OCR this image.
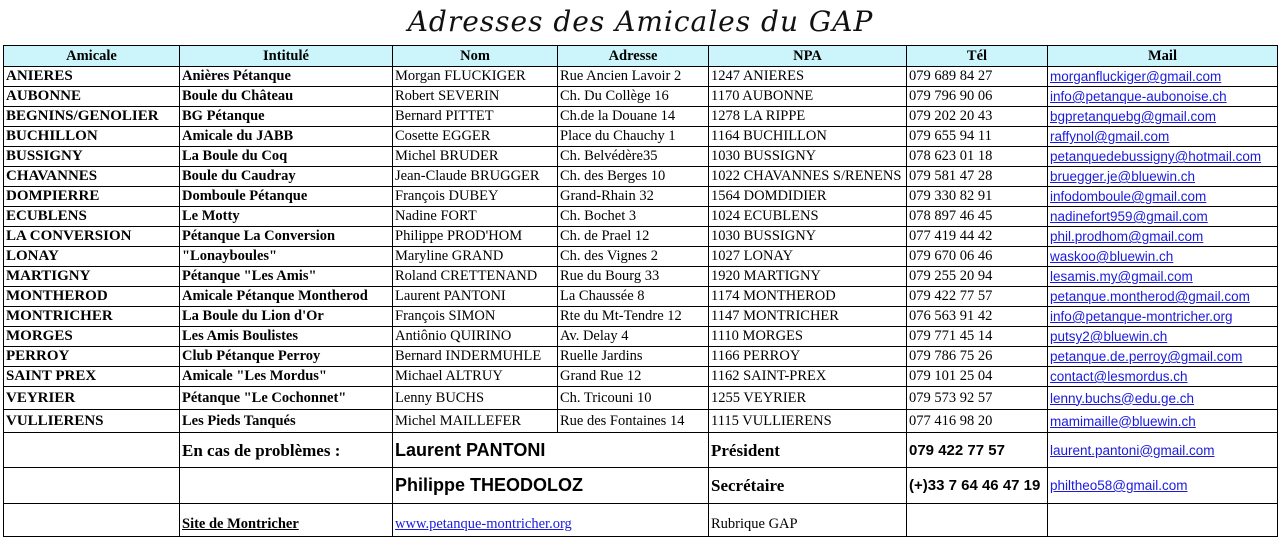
Adresses des Amicales du GAP
Amicale	Intitulé	Nom	Adresse	NPA	Tél	Mail
ANIERES	Anières Pétanque	Morgan FLUCKIGER	Rue Ancien Lavoir 2	1247 ANIERES	079 689 84 27	morganfluckiger@gmail.com
AUBONNE	Boule du Château	Robert SEVERIN	Ch. Du Collège 16	1170 AUBONNE	079 796 90 06	info@petanque-aubonoise.ch
BEGNINS/GENOLIER	BG Pétanque	Bernard PITTET	Ch.de la Douane 14	1278 LA RIPPE	079 202 20 43	bgpretanquebg@gmail.com
BUCHILLON	Amicale du JABB	Cosette EGGER	Place du Chauchy 1	1164 BUCHILLON	079 655 94 11	raffynol@gmail.com
BUSSIGNY	La Boule du Coq	Michel BRUDER	Ch. Belvédère35	1030 BUSSIGNY	078 623 01 18	petanquedebussigny@hotmail.com
CHAVANNES	Boule du Caudray	Jean-Claude BRUGGER	Ch. des Berges 10	1022 CHAVANNES S/RENENS	079 581 47 28	bruegger.je@bluewin.ch
DOMPIERRE	Domboule Pétanque	François DUBEY	Grand-Rhain 32	1564 DOMDIDIER	079 330 82 91	infodomboule@gmail.com
ECUBLENS	Le Motty	Nadine FORT	Ch. Bochet 3	1024 ECUBLENS	078 897 46 45	nadinefort959@gmail.com
LA CONVERSION	Pétanque La Conversion	Philippe PROD'HOM	Ch. de Prael 12	1030 BUSSIGNY	077 419 44 42	phil.prodhom@gmail.com
LONAY	"Lonayboules"	Maryline GRAND	Ch. des Vignes 2	1027 LONAY	079 670 06 46	waskoo@bluewin.ch
MARTIGNY	Pétanque "Les Amis"	Roland CRETTENAND	Rue du Bourg 33	1920 MARTIGNY	079 255 20 94	lesamis.my@gmail.com
MONTHEROD	Amicale Pétanque Montherod	Laurent PANTONI	La Chaussée 8	1174 MONTHEROD	079 422 77 57	petanque.montherod@gmail.com
MONTRICHER	La Boule du Lion d'Or	François SIMON	Rte du Mt-Tendre 12	1147 MONTRICHER	076 563 91 42	info@petanque-montricher.org
MORGES	Les Amis Boulistes	Antiônio QUIRINO	Av. Delay 4	1110 MORGES	079 771 45 14	putsy2@bluewin.ch
PERROY	Club Pétanque Perroy	Bernard INDERMUHLE	Ruelle Jardins	1166 PERROY	079 786 75 26	petanque.de.perroy@gmail.com
SAINT PREX	Amicale "Les Mordus"	Michael ALTRUY	Grand Rue 12	1162 SAINT-PREX	079 101 25 04	contact@lesmordus.ch
VEYRIER	Pétanque "Le Cochonnet"	Lenny BUCHS	Ch. Tricouni 10	1255 VEYRIER	079 573 92 57	lenny.buchs@edu.ge.ch
VULLIERENS	Les Pieds Tanqués	Michel MAILLEFER	Rue des Fontaines 14	1115 VULLIERENS	077 416 98 20	mamimaille@bluewin.ch
	En cas de problèmes :	Laurent PANTONI		Président	079 422 77 57	laurent.pantoni@gmail.com
		Philippe THEODOLOZ		Secrétaire	(+)33 7 64 46 47 19	philtheo58@gmail.com
	Site de Montricher	www.petanque-montricher.org		Rubrique GAP		
